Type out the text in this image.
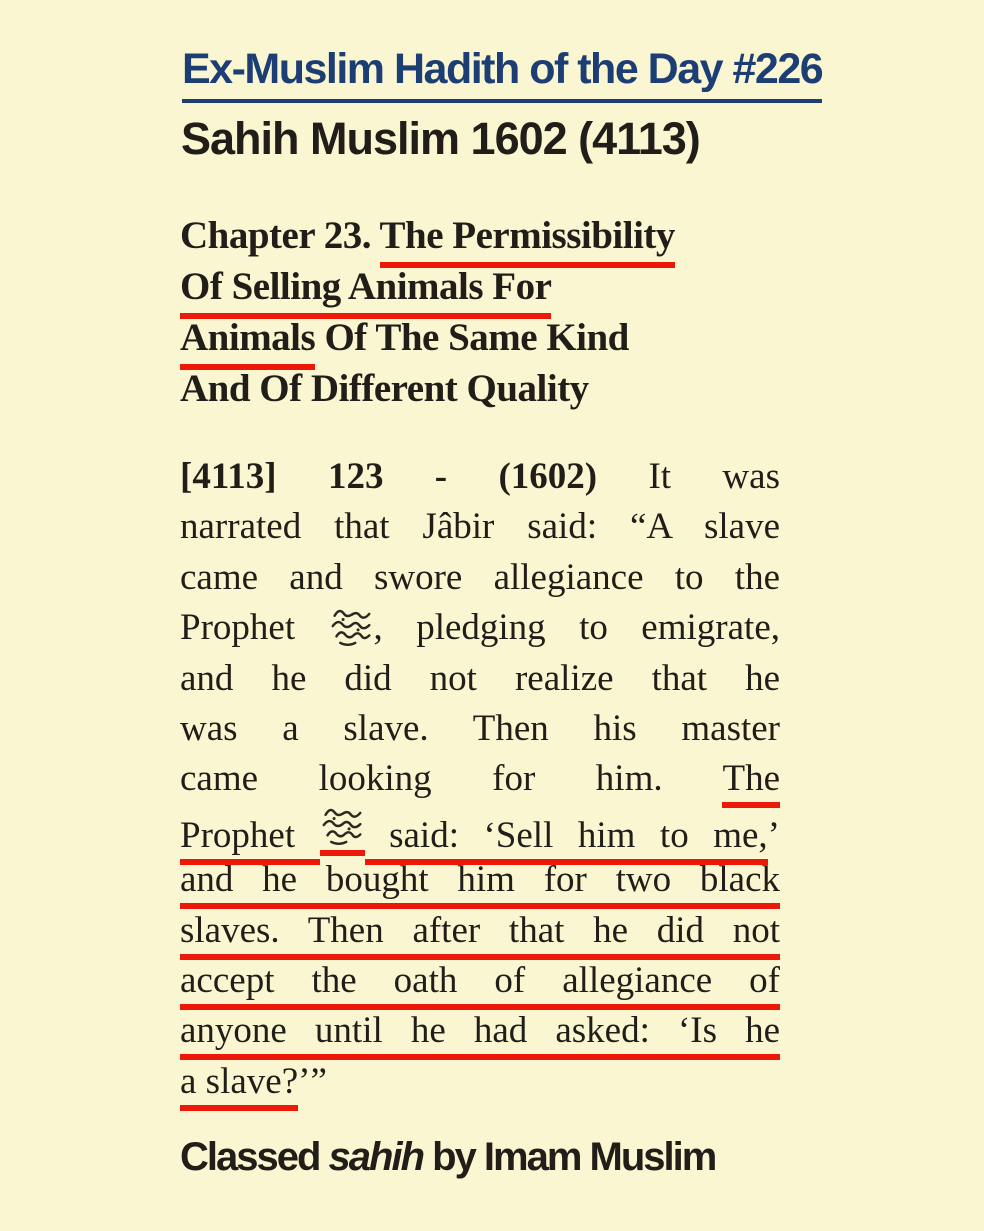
Ex-Muslim Hadith of the Day #226
Sahih Muslim 1602 (4113)
Chapter 23. The Permissibility
Of Selling Animals For
Animals Of The Same Kind
And Of Different Quality
[4113] 123 - (1602) It was
narrated that Jâbir said: “A slave
came and swore allegiance to the
Prophet
, pledging to emigrate,
and he did not realize that he
was a slave. Then his master
came looking for him. The
Prophet
said: ‘Sell him to me,’
and he bought him for two black
slaves. Then after that he did not
accept the oath of allegiance of
anyone until he had asked: ‘Is he
a slave?’”

Classed sahih by Imam Muslim
